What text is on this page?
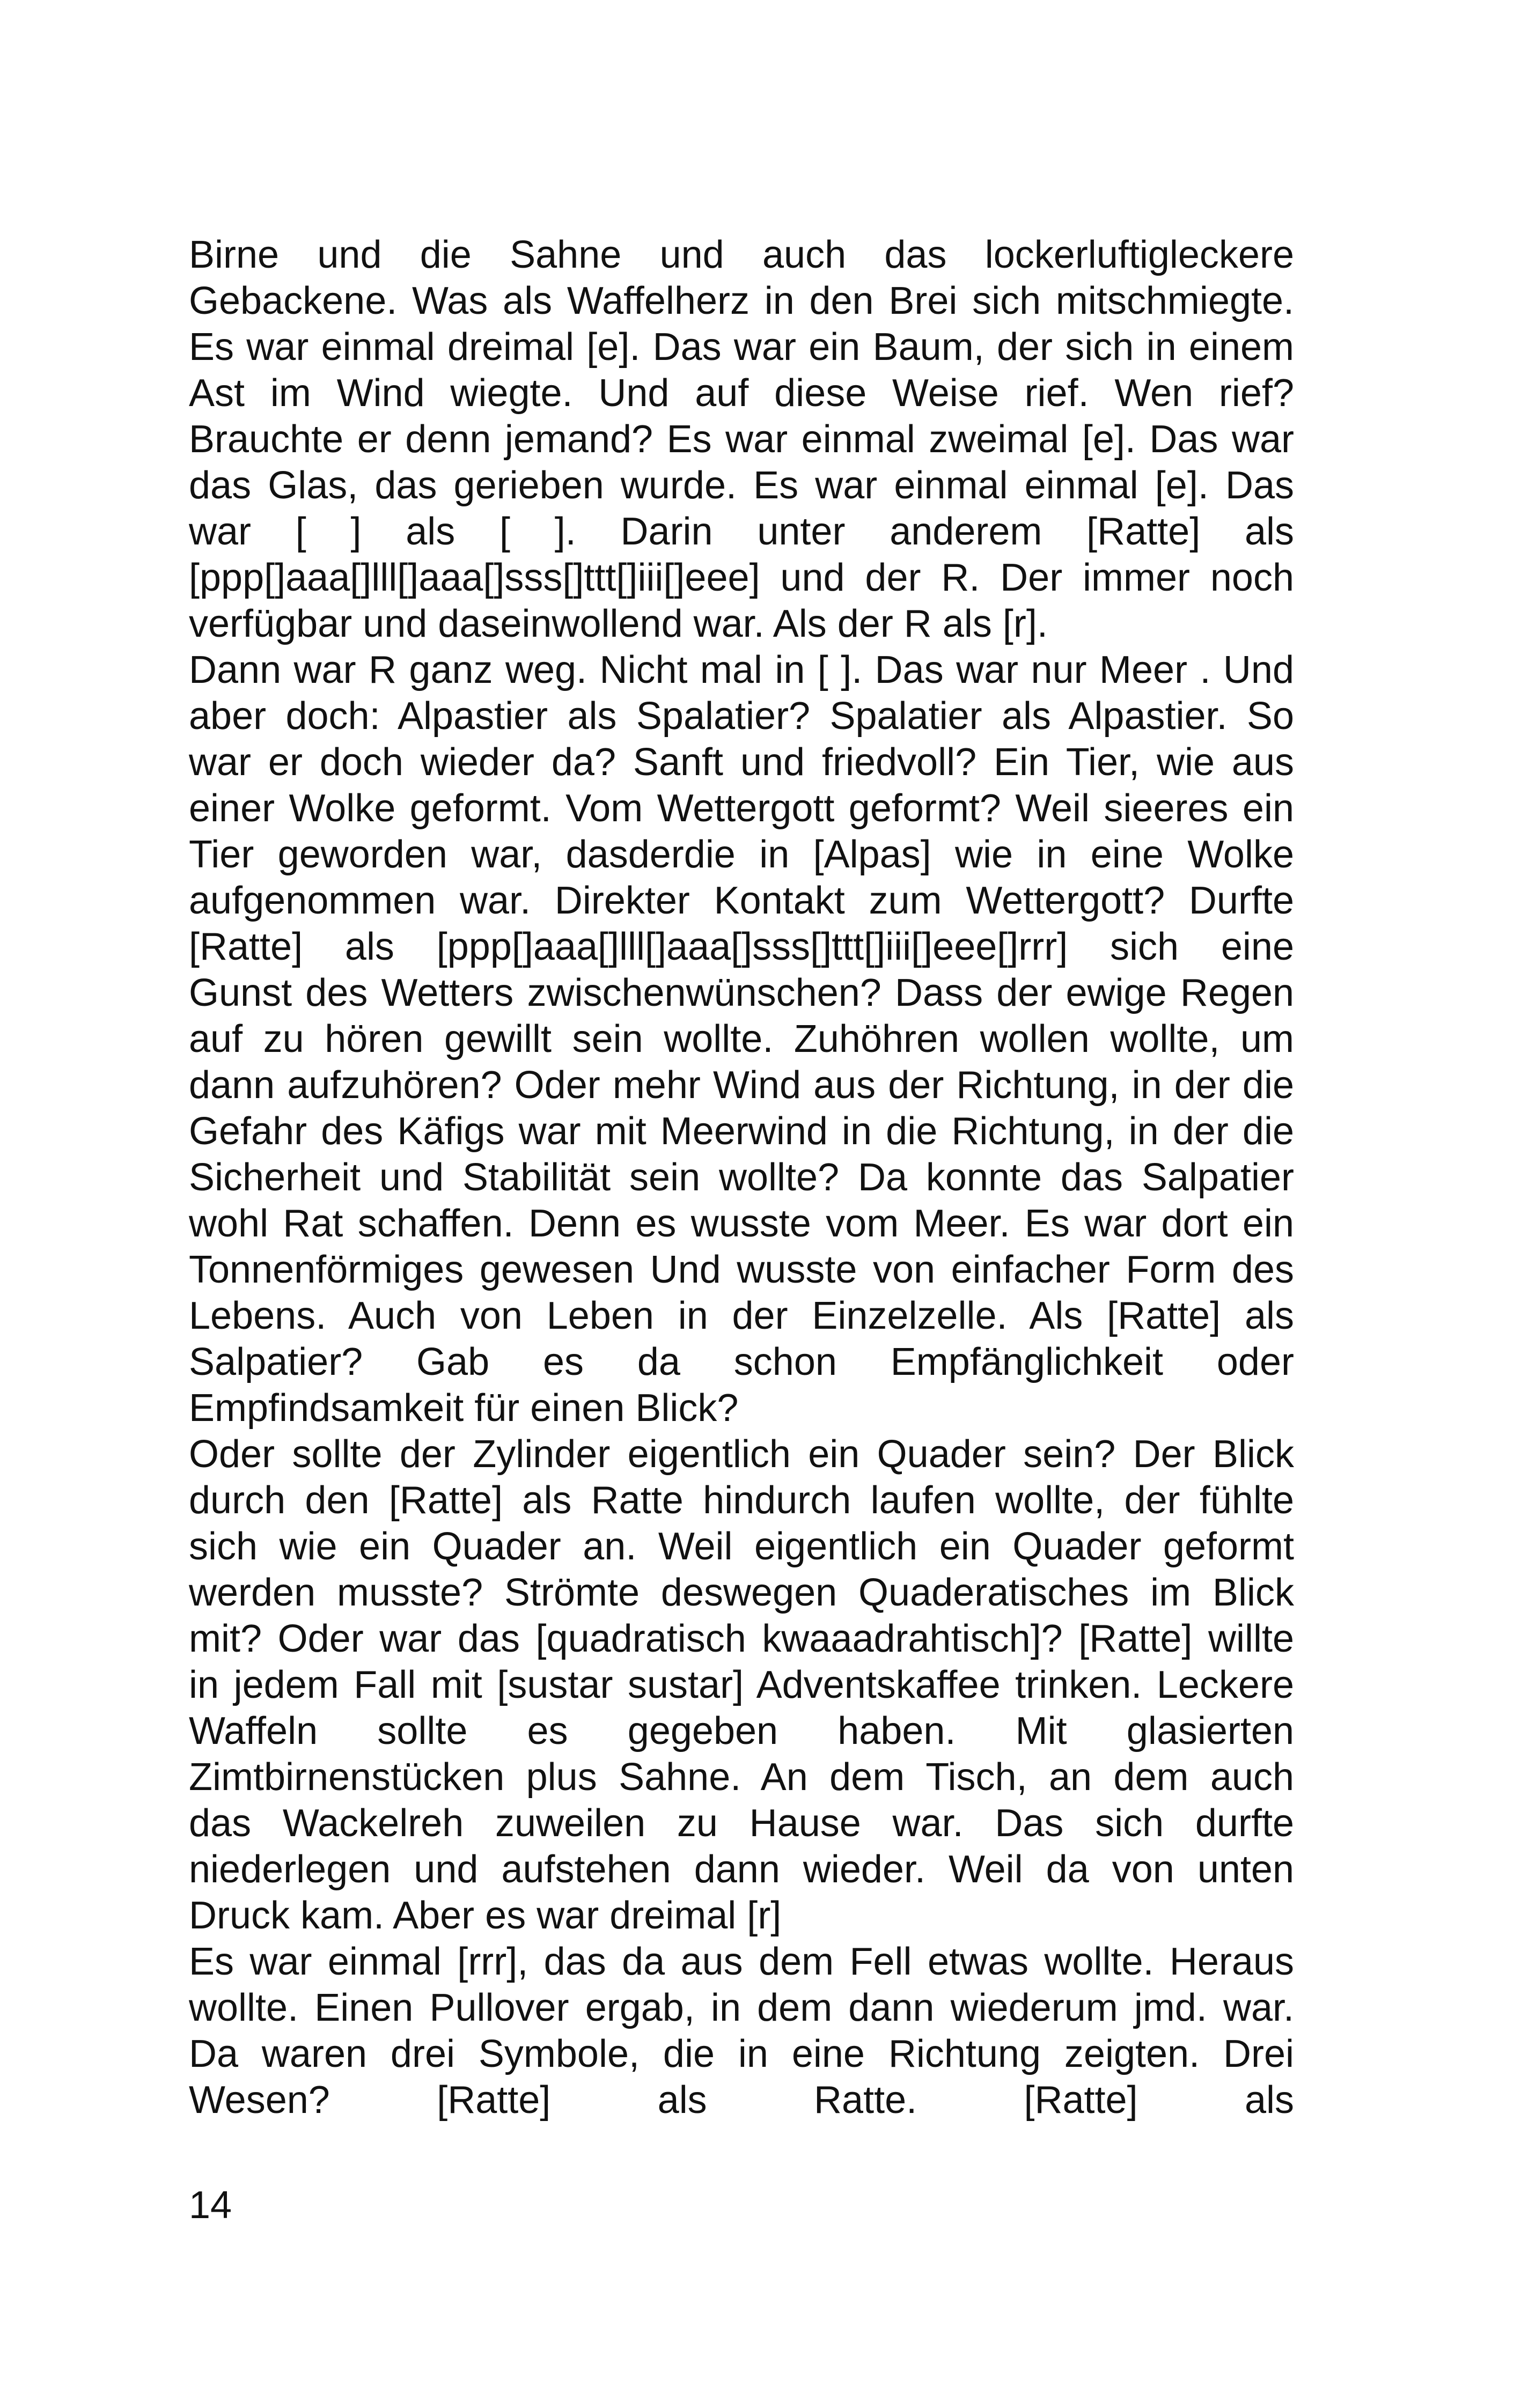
Birne und die Sahne und auch das lockerluftigleckere
Gebackene. Was als Waffelherz in den Brei sich mitschmiegte.
Es war einmal dreimal [e]. Das war ein Baum, der sich in einem
Ast im Wind wiegte. Und auf diese Weise rief. Wen rief?
Brauchte er denn jemand? Es war einmal zweimal [e]. Das war
das Glas, das gerieben wurde. Es war einmal einmal [e]. Das
war [ ] als [ ]. Darin unter anderem [Ratte] als
[ppp[]aaa[]lll[]aaa[]sss[]ttt[]iii[]eee] und der R. Der immer noch
verfügbar und daseinwollend war. Als der R als [r].
Dann war R ganz weg. Nicht mal in [ ]. Das war nur Meer . Und
aber doch: Alpastier als Spalatier? Spalatier als Alpastier. So
war er doch wieder da? Sanft und friedvoll? Ein Tier, wie aus
einer Wolke geformt. Vom Wettergott geformt? Weil sieeres ein
Tier geworden war, dasderdie in [Alpas] wie in eine Wolke
aufgenommen war. Direkter Kontakt zum Wettergott? Durfte
[Ratte] als [ppp[]aaa[]lll[]aaa[]sss[]ttt[]iii[]eee[]rrr] sich eine
Gunst des Wetters zwischenwünschen? Dass der ewige Regen
auf zu hören gewillt sein wollte. Zuhöhren wollen wollte, um
dann aufzuhören? Oder mehr Wind aus der Richtung, in der die
Gefahr des Käfigs war mit Meerwind in die Richtung, in der die
Sicherheit und Stabilität sein wollte? Da konnte das Salpatier
wohl Rat schaffen. Denn es wusste vom Meer. Es war dort ein
Tonnenförmiges gewesen Und wusste von einfacher Form des
Lebens. Auch von Leben in der Einzelzelle. Als [Ratte] als
Salpatier? Gab es da schon Empfänglichkeit oder
Empfindsamkeit für einen Blick?
Oder sollte der Zylinder eigentlich ein Quader sein? Der Blick
durch den [Ratte] als Ratte hindurch laufen wollte, der fühlte
sich wie ein Quader an. Weil eigentlich ein Quader geformt
werden musste? Strömte deswegen Quaderatisches im Blick
mit? Oder war das [quadratisch kwaaadrahtisch]? [Ratte] willte
in jedem Fall mit [sustar sustar] Adventskaffee trinken. Leckere
Waffeln sollte es gegeben haben. Mit glasierten
Zimtbirnenstücken plus Sahne. An dem Tisch, an dem auch
das Wackelreh zuweilen zu Hause war. Das sich durfte
niederlegen und aufstehen dann wieder. Weil da von unten
Druck kam. Aber es war dreimal [r]
Es war einmal [rrr], das da aus dem Fell etwas wollte. Heraus
wollte. Einen Pullover ergab, in dem dann wiederum jmd. war.
Da waren drei Symbole, die in eine Richtung zeigten. Drei
Wesen? [Ratte] als Ratte. [Ratte] als
14
